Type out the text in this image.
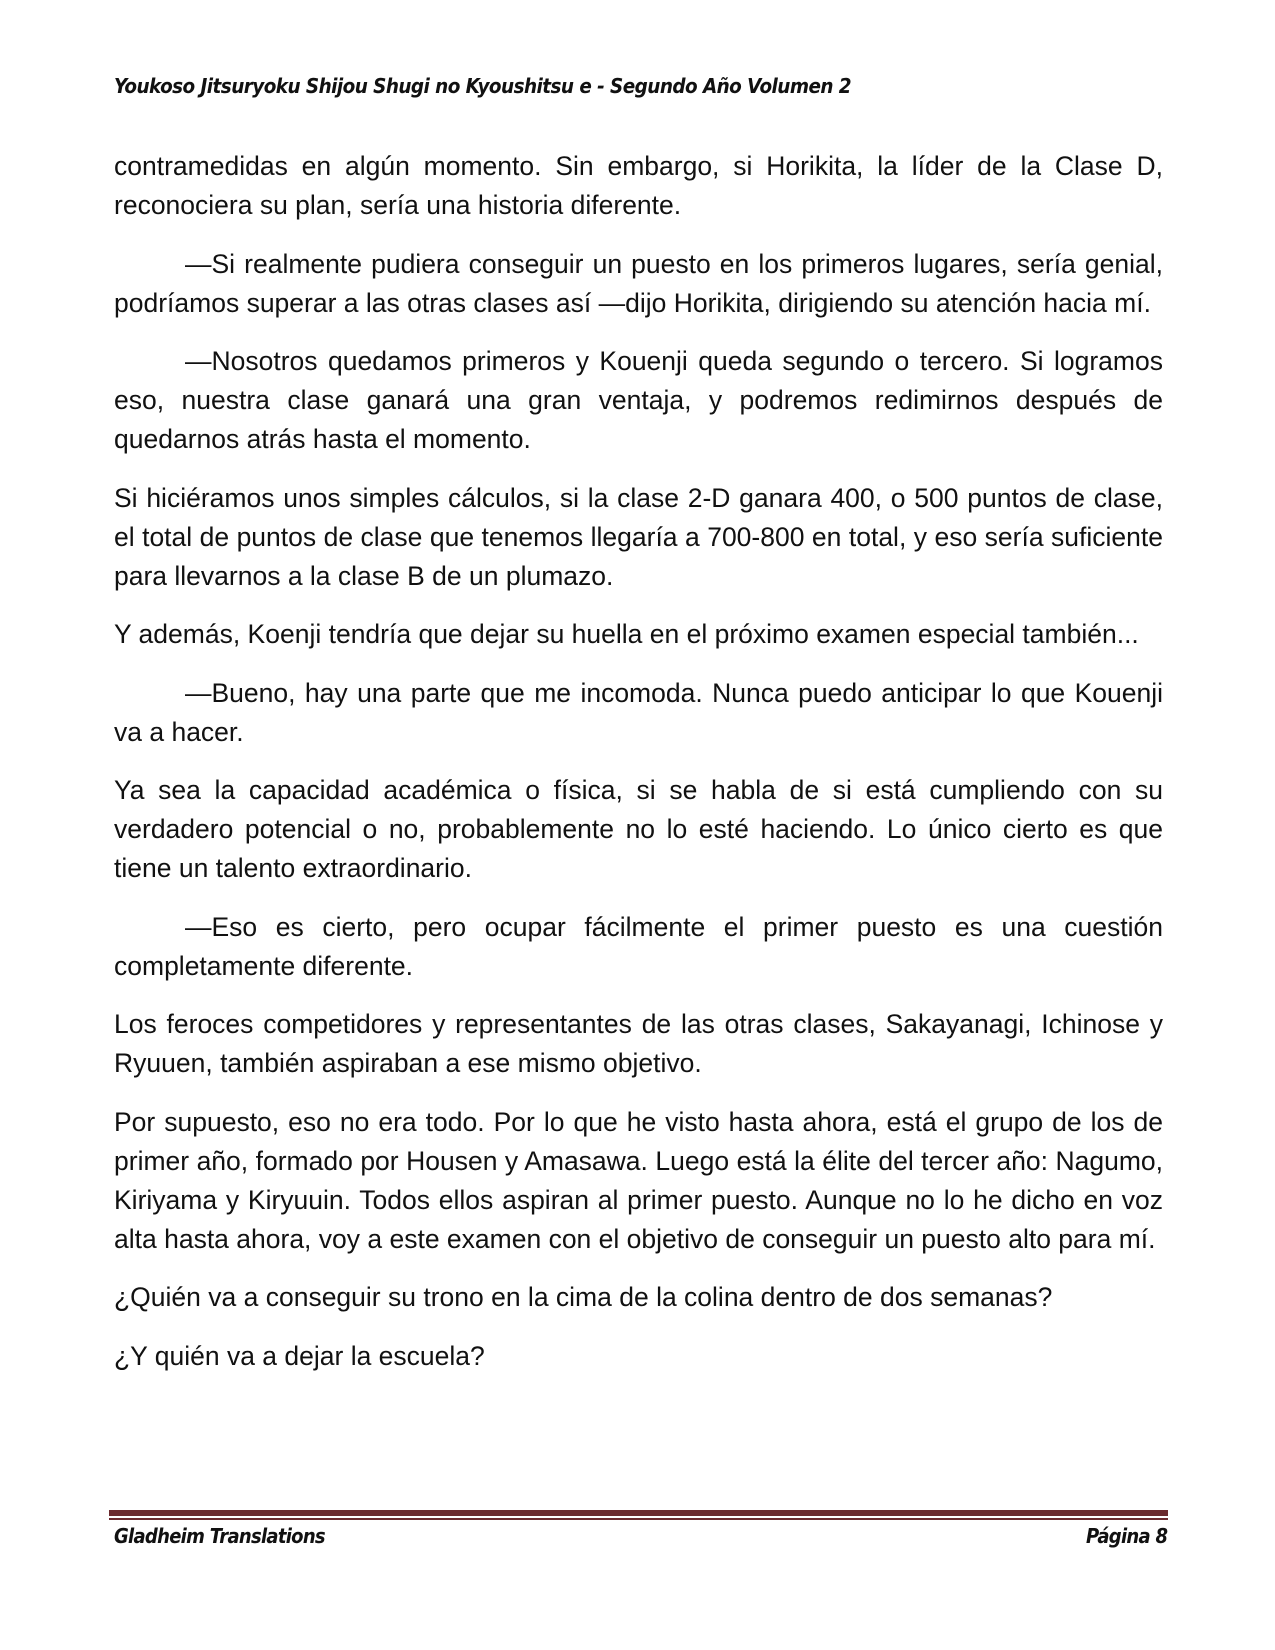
Youkoso Jitsuryoku Shijou Shugi no Kyoushitsu e - Segundo Año Volumen 2

contramedidas en algún momento. Sin embargo, si Horikita, la líder de la Clase D, reconociera su plan, sería una historia diferente.

—Si realmente pudiera conseguir un puesto en los primeros lugares, sería genial, podríamos superar a las otras clases así —dijo Horikita, dirigiendo su atención hacia mí.

—Nosotros quedamos primeros y Kouenji queda segundo o tercero. Si logramos eso, nuestra clase ganará una gran ventaja, y podremos redimirnos después de quedarnos atrás hasta el momento.

Si hiciéramos unos simples cálculos, si la clase 2-D ganara 400, o 500 puntos de clase, el total de puntos de clase que tenemos llegaría a 700-800 en total, y eso sería suficiente para llevarnos a la clase B de un plumazo.

Y además, Koenji tendría que dejar su huella en el próximo examen especial también...

—Bueno, hay una parte que me incomoda. Nunca puedo anticipar lo que Kouenji va a hacer.

Ya sea la capacidad académica o física, si se habla de si está cumpliendo con su verdadero potencial o no, probablemente no lo esté haciendo. Lo único cierto es que tiene un talento extraordinario.

—Eso es cierto, pero ocupar fácilmente el primer puesto es una cuestión completamente diferente.

Los feroces competidores y representantes de las otras clases, Sakayanagi, Ichinose y Ryuuen, también aspiraban a ese mismo objetivo.

Por supuesto, eso no era todo. Por lo que he visto hasta ahora, está el grupo de los de primer año, formado por Housen y Amasawa. Luego está la élite del tercer año: Nagumo, Kiriyama y Kiryuuin. Todos ellos aspiran al primer puesto. Aunque no lo he dicho en voz alta hasta ahora, voy a este examen con el objetivo de conseguir un puesto alto para mí.

¿Quién va a conseguir su trono en la cima de la colina dentro de dos semanas?

¿Y quién va a dejar la escuela?

Gladheim Translations	Página 8
